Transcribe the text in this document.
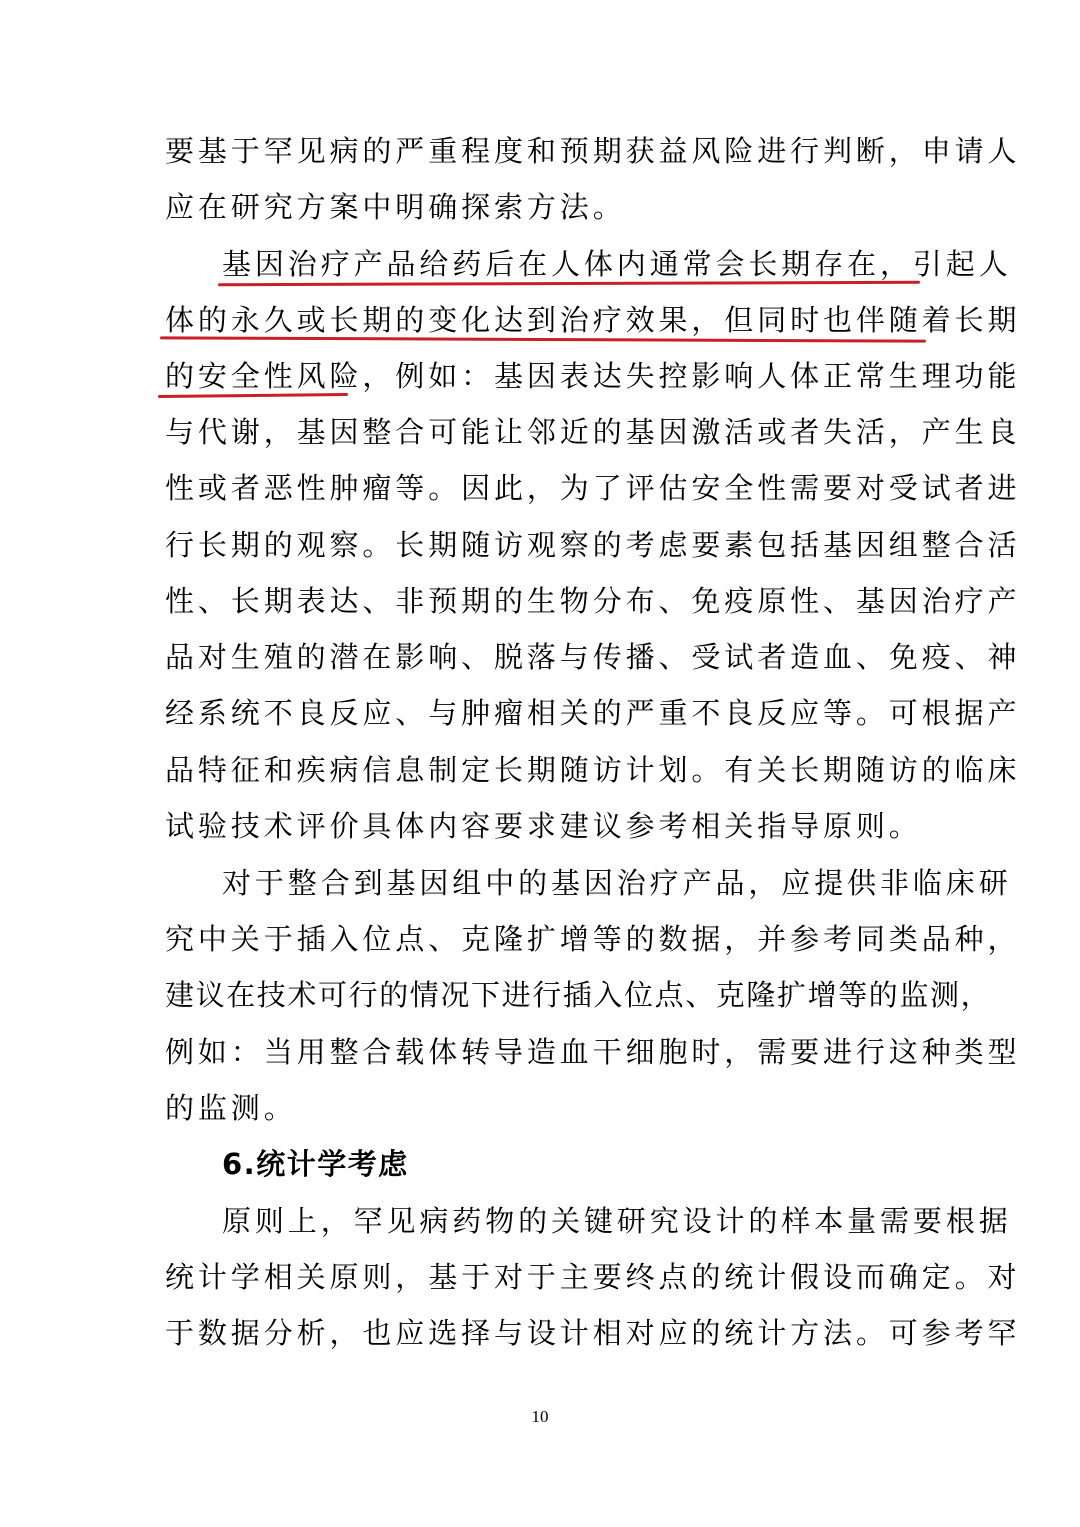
要基于罕见病的严重程度和预期获益风险进行判断，申请人
应在研究方案中明确探索方法。
基因治疗产品给药后在人体内通常会长期存在，引起人
体的永久或长期的变化达到治疗效果，但同时也伴随着长期
的安全性风险，例如：基因表达失控影响人体正常生理功能
与代谢，基因整合可能让邻近的基因激活或者失活，产生良
性或者恶性肿瘤等。因此，为了评估安全性需要对受试者进
行长期的观察。长期随访观察的考虑要素包括基因组整合活
性、长期表达、非预期的生物分布、免疫原性、基因治疗产
品对生殖的潜在影响、脱落与传播、受试者造血、免疫、神
经系统不良反应、与肿瘤相关的严重不良反应等。可根据产
品特征和疾病信息制定长期随访计划。有关长期随访的临床
试验技术评价具体内容要求建议参考相关指导原则。
对于整合到基因组中的基因治疗产品，应提供非临床研
究中关于插入位点、克隆扩增等的数据，并参考同类品种，
建议在技术可行的情况下进行插入位点、克隆扩增等的监测，
例如：当用整合载体转导造血干细胞时，需要进行这种类型
的监测。
6.统计学考虑
原则上，罕见病药物的关键研究设计的样本量需要根据
统计学相关原则，基于对于主要终点的统计假设而确定。对
于数据分析，也应选择与设计相对应的统计方法。可参考罕
10
